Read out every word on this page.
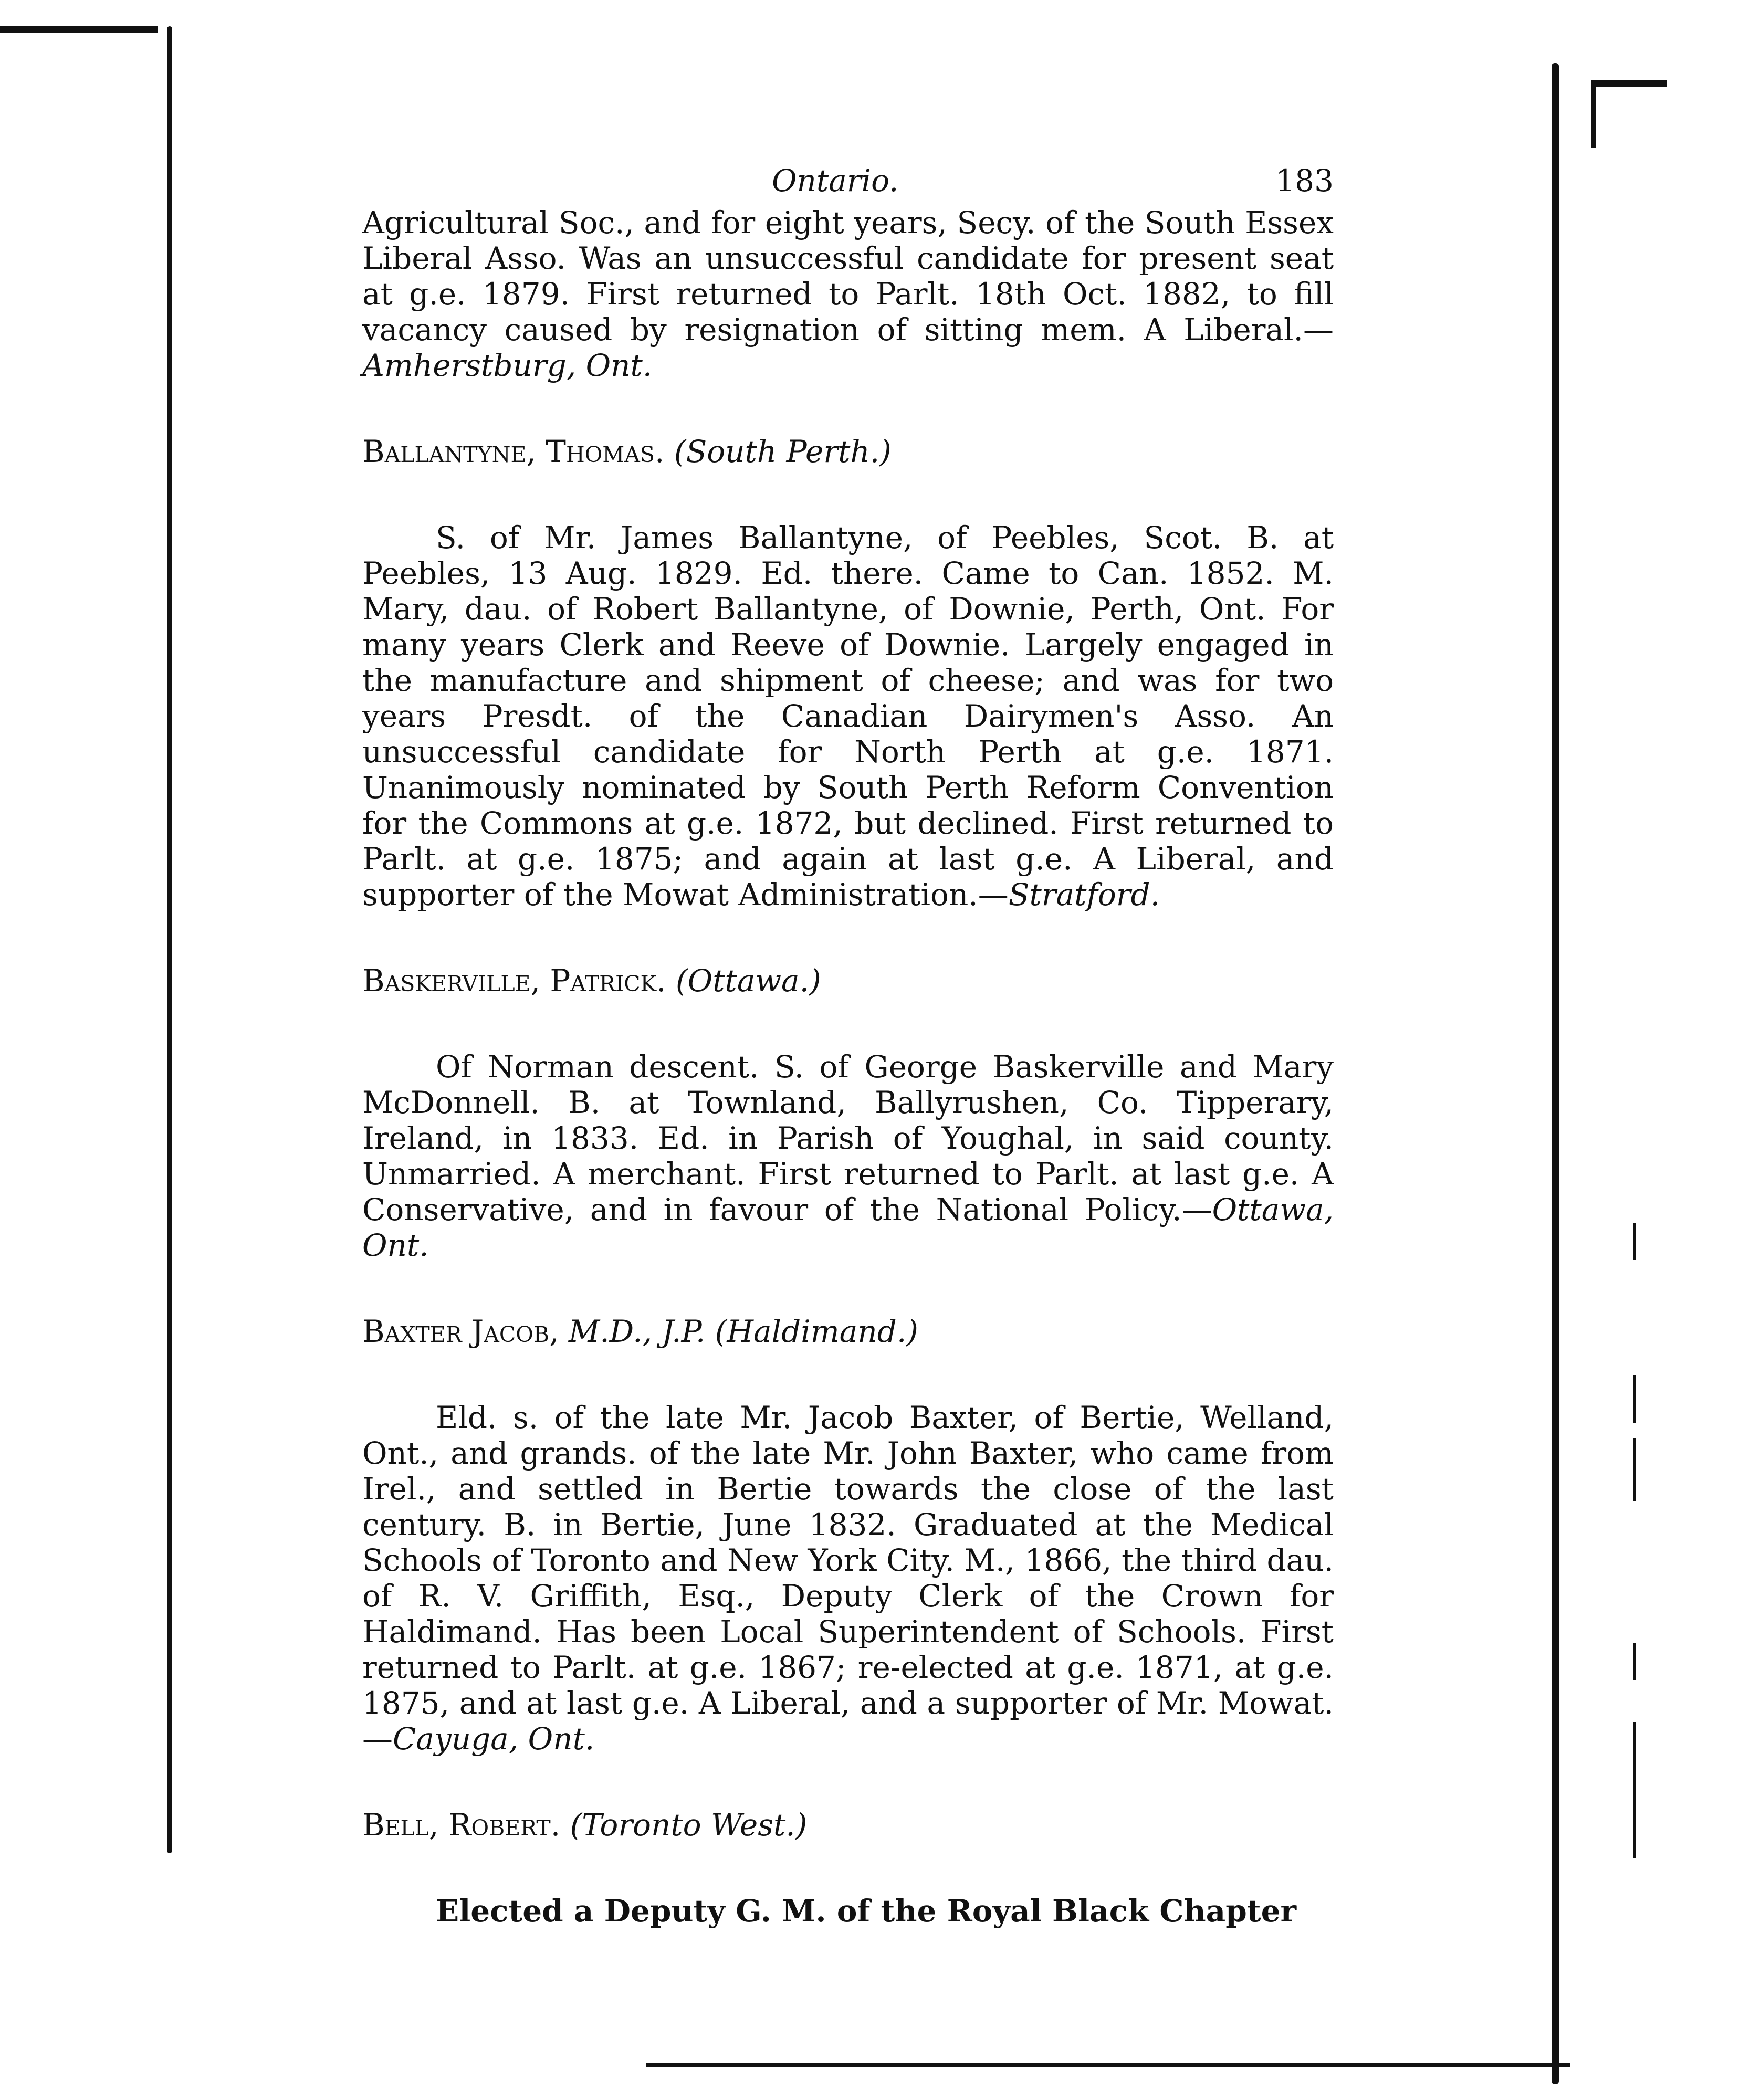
Ontario.	183

Agricultural Soc., and for eight years, Secy. of the South Essex Liberal Asso. Was an unsuccessful candidate for present seat at g.e. 1879. First returned to Parlt. 18th Oct. 1882, to fill vacancy caused by resignation of sitting mem. A Liberal.—Amherstburg, Ont.

Ballantyne, Thomas. (South Perth.)

S. of Mr. James Ballantyne, of Peebles, Scot. B. at Peebles, 13 Aug. 1829. Ed. there. Came to Can. 1852. M. Mary, dau. of Robert Ballantyne, of Downie, Perth, Ont. For many years Clerk and Reeve of Downie. Largely engaged in the manufacture and shipment of cheese; and was for two years Presdt. of the Canadian Dairymen's Asso. An unsuccessful candidate for North Perth at g.e. 1871. Unanimously nominated by South Perth Reform Convention for the Commons at g.e. 1872, but declined. First returned to Parlt. at g.e. 1875; and again at last g.e. A Liberal, and supporter of the Mowat Administration.—Stratford.

Baskerville, Patrick. (Ottawa.)

Of Norman descent. S. of George Baskerville and Mary McDonnell. B. at Townland, Ballyrushen, Co. Tipperary, Ireland, in 1833. Ed. in Parish of Youghal, in said county. Unmarried. A merchant. First returned to Parlt. at last g.e. A Conservative, and in favour of the National Policy.—Ottawa, Ont.

Baxter Jacob, M.D., J.P. (Haldimand.)

Eld. s. of the late Mr. Jacob Baxter, of Bertie, Welland, Ont., and grands. of the late Mr. John Baxter, who came from Irel., and settled in Bertie towards the close of the last century. B. in Bertie, June 1832. Graduated at the Medical Schools of Toronto and New York City. M., 1866, the third dau. of R. V. Griffith, Esq., Deputy Clerk of the Crown for Haldimand. Has been Local Superintendent of Schools. First returned to Parlt. at g.e. 1867; re-elected at g.e. 1871, at g.e. 1875, and at last g.e. A Liberal, and a supporter of Mr. Mowat.—Cayuga, Ont.

Bell, Robert. (Toronto West.)

Elected a Deputy G. M. of the Royal Black Chapter
